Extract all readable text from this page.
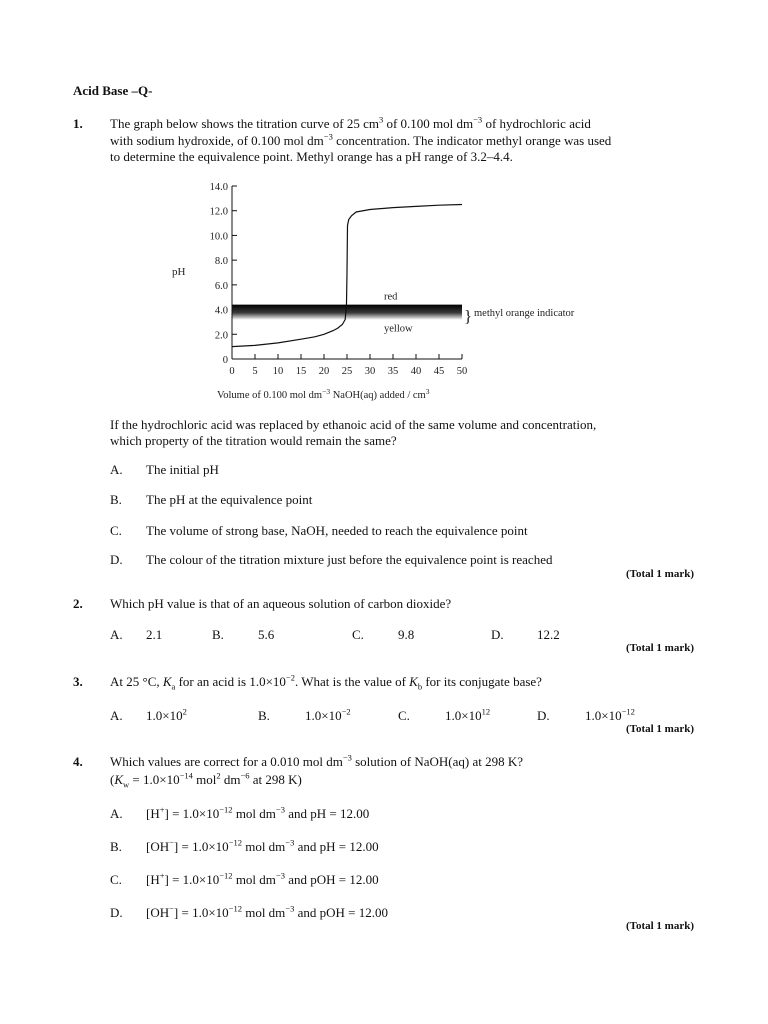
Acid Base –Q-
1. The graph below shows the titration curve of 25 $cm^3$ of 0.100 mol $dm^{-3}$ of hydrochloric acid
with sodium hydroxide, of 0.100 mol $dm^{-3}$ concentration. The indicator methyl orange was used
to determine the equivalence point. Methyl orange has a pH range of 3.2–4.4.
0
2.0
4.0
6.0
8.0
10.0
12.0
14.0
0 5 10 15 20 25 30 35 40 45 50
pH
red
yellow
} methyl orange indicator
Volume of 0.100 mol $dm^{-3}$ NaOH(aq) added / $cm^3$
If the hydrochloric acid was replaced by ethanoic acid of the same volume and concentration,
which property of the titration would remain the same?
A. The initial pH
B. The pH at the equivalence point
C. The volume of strong base, NaOH, needed to reach the equivalence point
D. The colour of the titration mixture just before the equivalence point is reached
(Total 1 mark)
2. Which pH value is that of an aqueous solution of carbon dioxide?
A. 2.1	B.	5.6	C.	9.8	D.	12.2
(Total 1 mark)
3. At 25 °C, $K_a$ for an acid is $1.0\times 10^{-2}$. What is the value of $K_b$ for its conjugate base?
A. $1.0\times 10^2$	B.	$1.0\times 10^{-2}$	C.	$1.0\times 10^{12}$	D.	$1.0\times 10^{-12}$
(Total 1 mark)
4. Which values are correct for a 0.010 mol $dm^{-3}$ solution of NaOH(aq) at 298 K?
($K_w = 1.0\times 10^{-14}$ mol$^2$ $dm^{-6}$ at 298 K)
A. $[H^+] = 1.0\times 10^{-12}$ mol $dm^{-3}$ and pH = 12.00
B. $[OH^-] = 1.0\times 10^{-12}$ mol $dm^{-3}$ and pH = 12.00
C. $[H^+] = 1.0\times 10^{-12}$ mol $dm^{-3}$ and pOH = 12.00
D. $[OH^-] = 1.0\times 10^{-12}$ mol $dm^{-3}$ and pOH = 12.00
(Total 1 mark)
